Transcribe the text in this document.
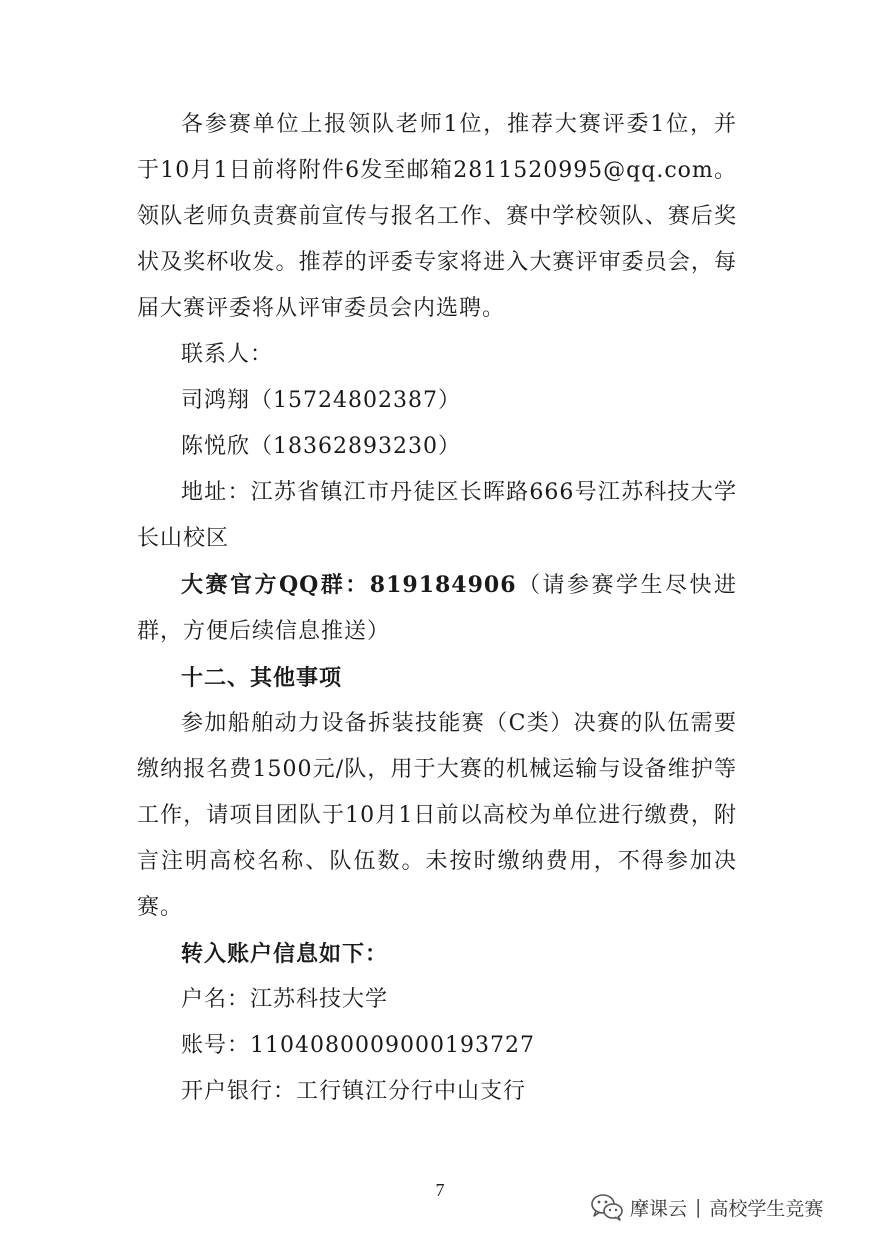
各参赛单位上报领队老师1位，推荐大赛评委1位，并于10月1日前将附件6发至邮箱2811520995@qq.com。领队老师负责赛前宣传与报名工作、赛中学校领队、赛后奖状及奖杯收发。推荐的评委专家将进入大赛评审委员会，每届大赛评委将从评审委员会内选聘。

联系人：

司鸿翔（15724802387）

陈悦欣（18362893230）

地址：江苏省镇江市丹徒区长晖路666号江苏科技大学长山校区

大赛官方QQ群：819184906（请参赛学生尽快进群，方便后续信息推送）

十二、其他事项

参加船舶动力设备拆装技能赛（C类）决赛的队伍需要缴纳报名费1500元/队，用于大赛的机械运输与设备维护等工作，请项目团队于10月1日前以高校为单位进行缴费，附言注明高校名称、队伍数。未按时缴纳费用，不得参加决赛。

转入账户信息如下：

户名：江苏科技大学

账号：1104080009000193727

开户银行：工行镇江分行中山支行

7
摩课云 | 高校学生竞赛
